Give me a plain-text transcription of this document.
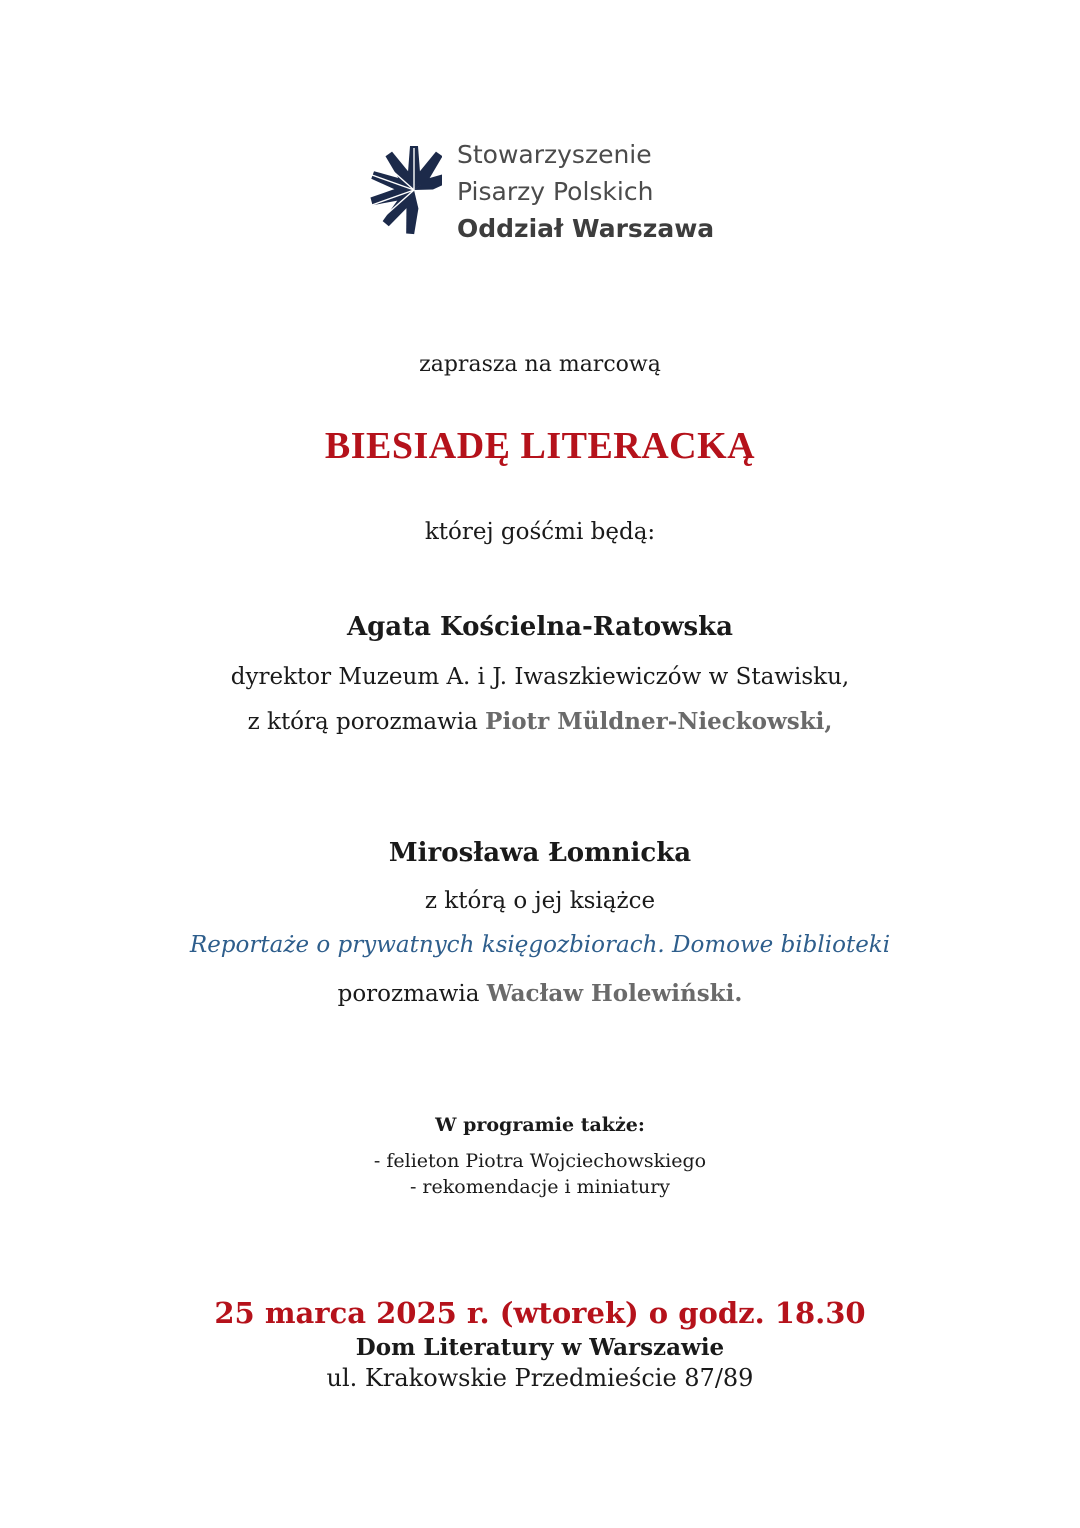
Stowarzyszenie
Pisarzy Polskich
Oddział Warszawa
zaprasza na marcową
BIESIADĘ LITERACKĄ
której gośćmi będą:
Agata Kościelna-Ratowska
dyrektor Muzeum A. i J. Iwaszkiewiczów w Stawisku,
z którą porozmawia Piotr Müldner-Nieckowski,
Mirosława Łomnicka
z którą o jej książce
Reportaże o prywatnych księgozbiorach. Domowe biblioteki
porozmawia Wacław Holewiński.
W programie także:
- felieton Piotra Wojciechowskiego
- rekomendacje i miniatury
25 marca 2025 r. (wtorek) o godz. 18.30
Dom Literatury w Warszawie
ul. Krakowskie Przedmieście 87/89
